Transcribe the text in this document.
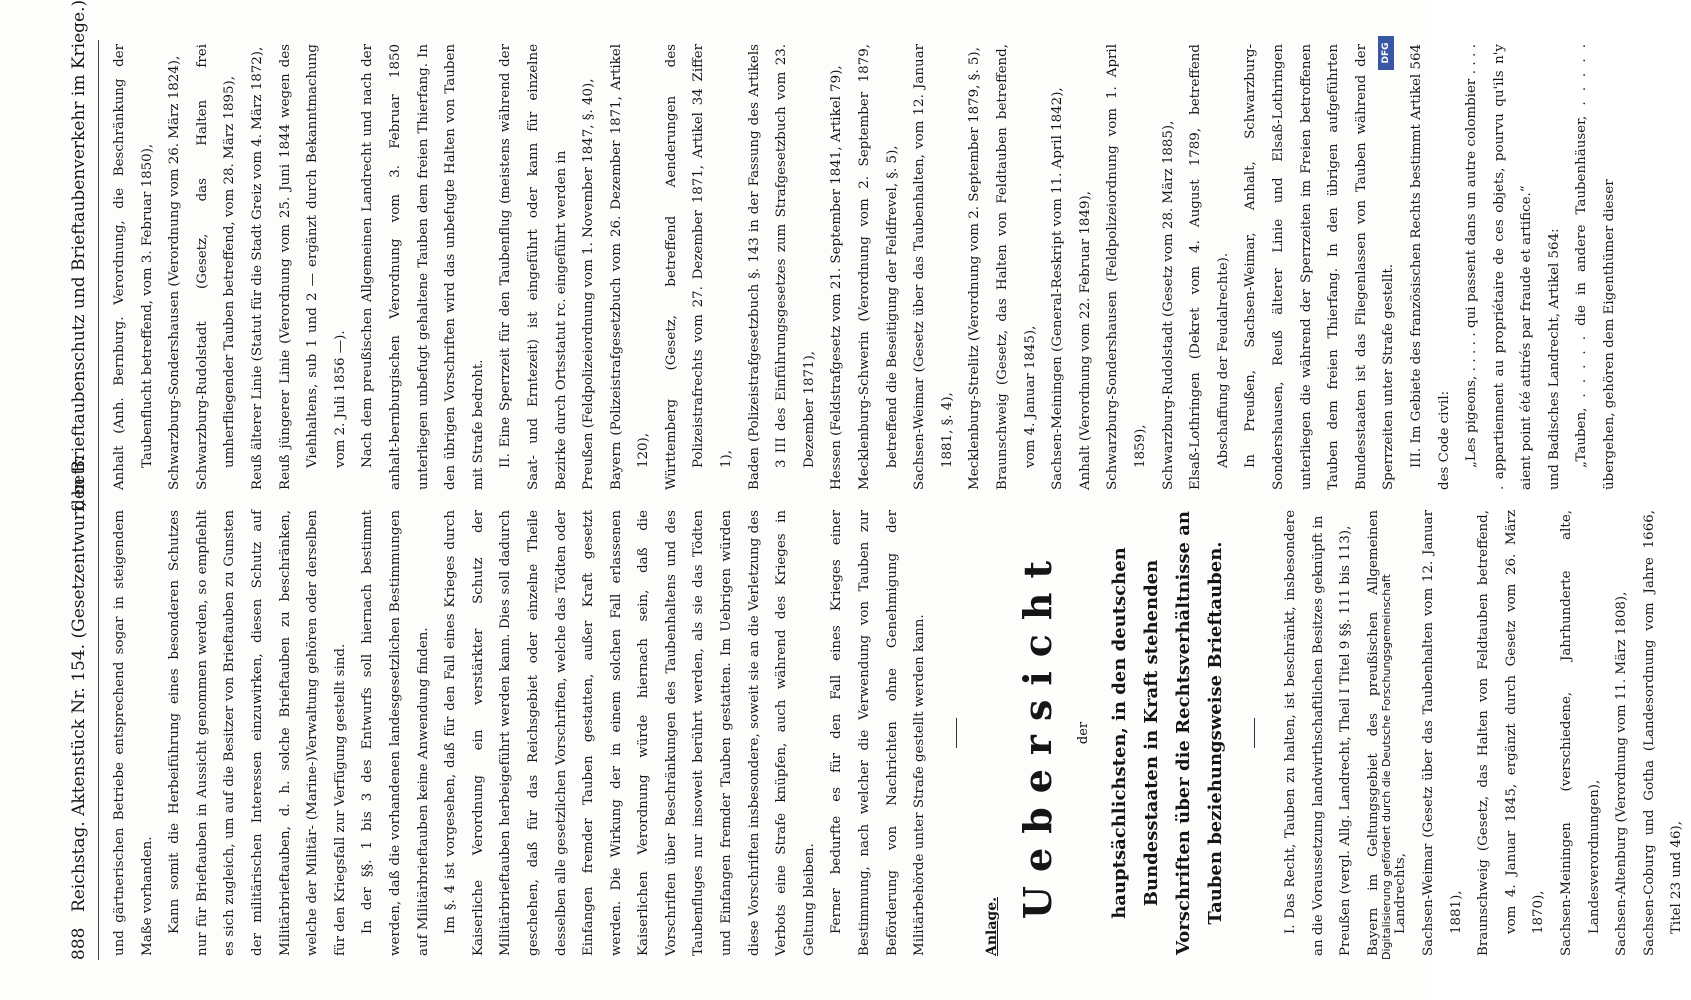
888
Reichstag. Aktenstück Nr. 154. (Gesetzentwurf, betr.
den Brieftaubenschutz und Brieftaubenverkehr im Kriege.)

und gärtnerischen Betriebe entsprechend sogar in steigendem Maße vorhanden. Kann somit die Herbeiführung eines besonderen Schutzes nur für Brieftauben in Aussicht genommen werden, so empfiehlt es sich zugleich, um auf die Besitzer von Brieftauben zu Gunsten der militärischen Interessen einzuwirken, diesen Schutz auf Militärbrieftauben, d. h. solche Brieftauben zu beschränken, welche der Militär- (Marine-)Verwaltung gehören oder derselben für den Kriegsfall zur Verfügung gestellt sind. In der §§. 1 bis 3 des Entwurfs soll hiernach bestimmt werden, daß die vorhandenen landesgesetzlichen Bestimmungen auf Militärbrieftauben keine Anwendung finden. Im §. 4 ist vorgesehen, daß für den Fall eines Krieges durch Kaiserliche Verordnung ein verstärkter Schutz der Militärbrieftauben herbeigeführt werden kann. Dies soll dadurch geschehen, daß für das Reichsgebiet oder einzelne Theile desselben alle gesetzlichen Vorschriften, welche das Tödten oder Einfangen fremder Tauben gestatten, außer Kraft gesetzt werden. Die Wirkung der in einem solchen Fall erlassenen Kaiserlichen Verordnung würde hiernach sein, daß die Vorschriften über Beschränkungen des Taubenhaltens und des Taubenfluges nur insoweit berührt werden, als sie das Tödten und Einfangen fremder Tauben gestatten. Im Uebrigen würden diese Vorschriften insbesondere, soweit sie an die Verletzung des Verbots eine Strafe knüpfen, auch während des Krieges in Geltung bleiben. Ferner bedurfte es für den Fall eines Krieges einer Bestimmung, nach welcher die Verwendung von Tauben zur Beförderung von Nachrichten ohne Genehmigung der Militärbehörde unter Strafe gestellt werden kann.	Anlage.
Uebersicht	der hauptsächlichsten, in den deutschen Bundesstaaten in Kraft stehenden Vorschriften über die Rechtsverhältnisse an Tauben beziehungsweise Brieftauben.	I. Das Recht, Tauben zu halten, ist beschränkt, insbesondere an die Voraussetzung landwirthschaftlichen Besitzes geknüpft in Preußen (vergl. Allg. Landrecht, Theil I Titel 9 §§. 111 bis 113), Bayern im Geltungsgebiet des preußischen Allgemeinen Landrechts, Sachsen-Weimar (Gesetz über das Taubenhalten vom 12. Januar 1881), Braunschweig (Gesetz, das Halten von Feldtauben betreffend, vom 4. Januar 1845, ergänzt durch Gesetz vom 26. März 1870), Sachsen-Meiningen (verschiedene, Jahrhunderte alte, Landesverordnungen), Sachsen-Altenburg (Verordnung vom 11. März 1808), Sachsen-Coburg und Gotha (Landesordnung vom Jahre 1666, Titel 23 und 46),

Anhalt (Anh. Bernburg. Verordnung, die Beschränkung der Taubenflucht betreffend, vom 3. Februar 1850), Schwarzburg-Sondershausen (Verordnung vom 26. März 1824), Schwarzburg-Rudolstadt (Gesetz, das Halten frei umherfliegender Tauben betreffend, vom 28. März 1895), Reuß älterer Linie (Statut für die Stadt Greiz vom 4. März 1872), Reuß jüngerer Linie (Verordnung vom 25. Juni 1844 wegen des Viehhaltens, sub 1 und 2 — ergänzt durch Bekanntmachung vom 2. Juli 1856 —). Nach dem preußischen Allgemeinen Landrecht und nach der anhalt-bernburgischen Verordnung vom 3. Februar 1850 unterliegen unbefugt gehaltene Tauben dem freien Thierfang. In den übrigen Vorschriften wird das unbefugte Halten von Tauben mit Strafe bedroht. II. Eine Sperrzeit für den Taubenflug (meistens während der Saat- und Erntezeit) ist eingeführt oder kann für einzelne Bezirke durch Ortsstatut rc. eingeführt werden in Preußen (Feldpolizeiordnung vom 1. November 1847, §. 40), Bayern (Polizeistrafgesetzbuch vom 26. Dezember 1871, Artikel 120), Württemberg (Gesetz, betreffend Aenderungen des Polizeistrafrechts vom 27. Dezember 1871, Artikel 34 Ziffer 1), Baden (Polizeistrafgesetzbuch §. 143 in der Fassung des Artikels 3 III des Einführungsgesetzes zum Strafgesetzbuch vom 23. Dezember 1871), Hessen (Feldstrafgesetz vom 21. September 1841, Artikel 79), Mecklenburg-Schwerin (Verordnung vom 2. September 1879, betreffend die Beseitigung der Feldfrevel, §. 5), Sachsen-Weimar (Gesetz über das Taubenhalten, vom 12. Januar 1881, §. 4), Mecklenburg-Strelitz (Verordnung vom 2. September 1879, §. 5), Braunschweig (Gesetz, das Halten von Feldtauben betreffend, vom 4. Januar 1845), Sachsen-Meiningen (General-Reskript vom 11. April 1842), Anhalt (Verordnung vom 22. Februar 1849), Schwarzburg-Sondershausen (Feldpolizeiordnung vom 1. April 1859), Schwarzburg-Rudolstadt (Gesetz vom 28. März 1885), Elsaß-Lothringen (Dekret vom 4. August 1789, betreffend Abschaffung der Feudalrechte). In Preußen, Sachsen-Weimar, Anhalt, Schwarzburg-Sondershausen, Reuß älterer Linie und Elsaß-Lothringen unterliegen die während der Sperrzeiten im Freien betroffenen Tauben dem freien Thierfang. In den übrigen aufgeführten Bundesstaaten ist das Fliegenlassen von Tauben während der Sperrzeiten unter Strafe gestellt. III. Im Gebiete des französischen Rechts bestimmt Artikel 564 des Code civil: „Les pigeons, . . . . . qui passent dans un autre colombier . . . . . appartiennent au propriétaire de ces objets, pourvu qu'ils n'y aient point été attirés par fraude et artifice.“ und Badisches Landrecht, Artikel 564: „Tauben, . . . . . die in andere Taubenhäuser, . . . . . übergehen, gehören dem Eigenthümer dieser

Digitalisierung gefördert durch die Deutsche Forschungsgemeinschaft
DFG
